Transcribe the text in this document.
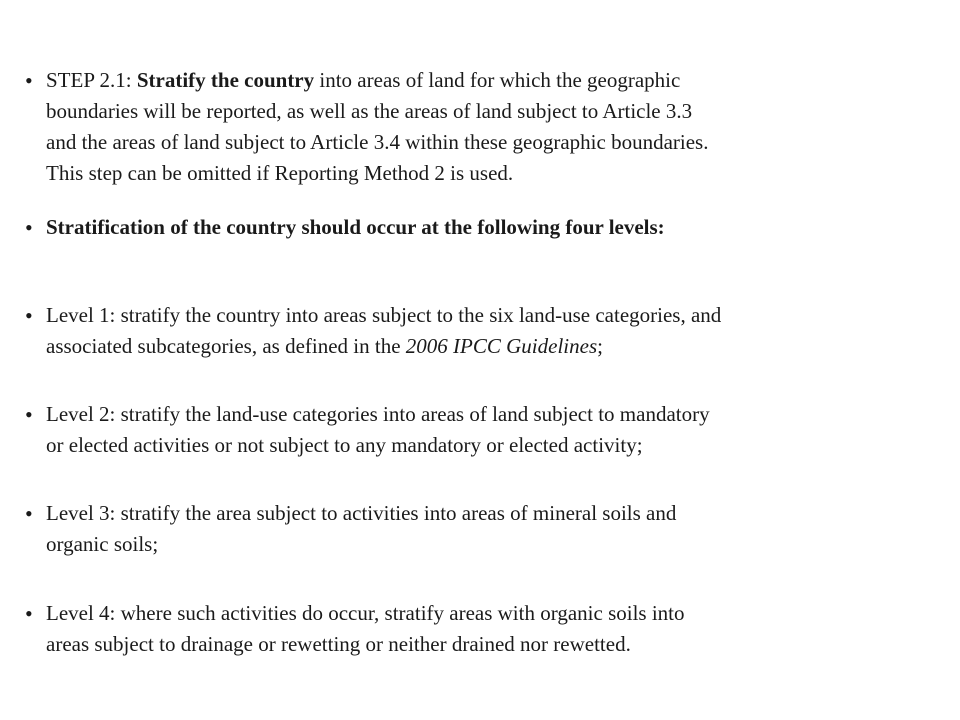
• STEP 2.1: Stratify the country into areas of land for which the geographic
boundaries will be reported, as well as the areas of land subject to Article 3.3
and the areas of land subject to Article 3.4 within these geographic boundaries.
This step can be omitted if Reporting Method 2 is used.
• Stratification of the country should occur at the following four levels:
• Level 1: stratify the country into areas subject to the six land-use categories, and
associated subcategories, as defined in the 2006 IPCC Guidelines;
• Level 2: stratify the land-use categories into areas of land subject to mandatory
or elected activities or not subject to any mandatory or elected activity;
• Level 3: stratify the area subject to activities into areas of mineral soils and
organic soils;
• Level 4: where such activities do occur, stratify areas with organic soils into
areas subject to drainage or rewetting or neither drained nor rewetted.
